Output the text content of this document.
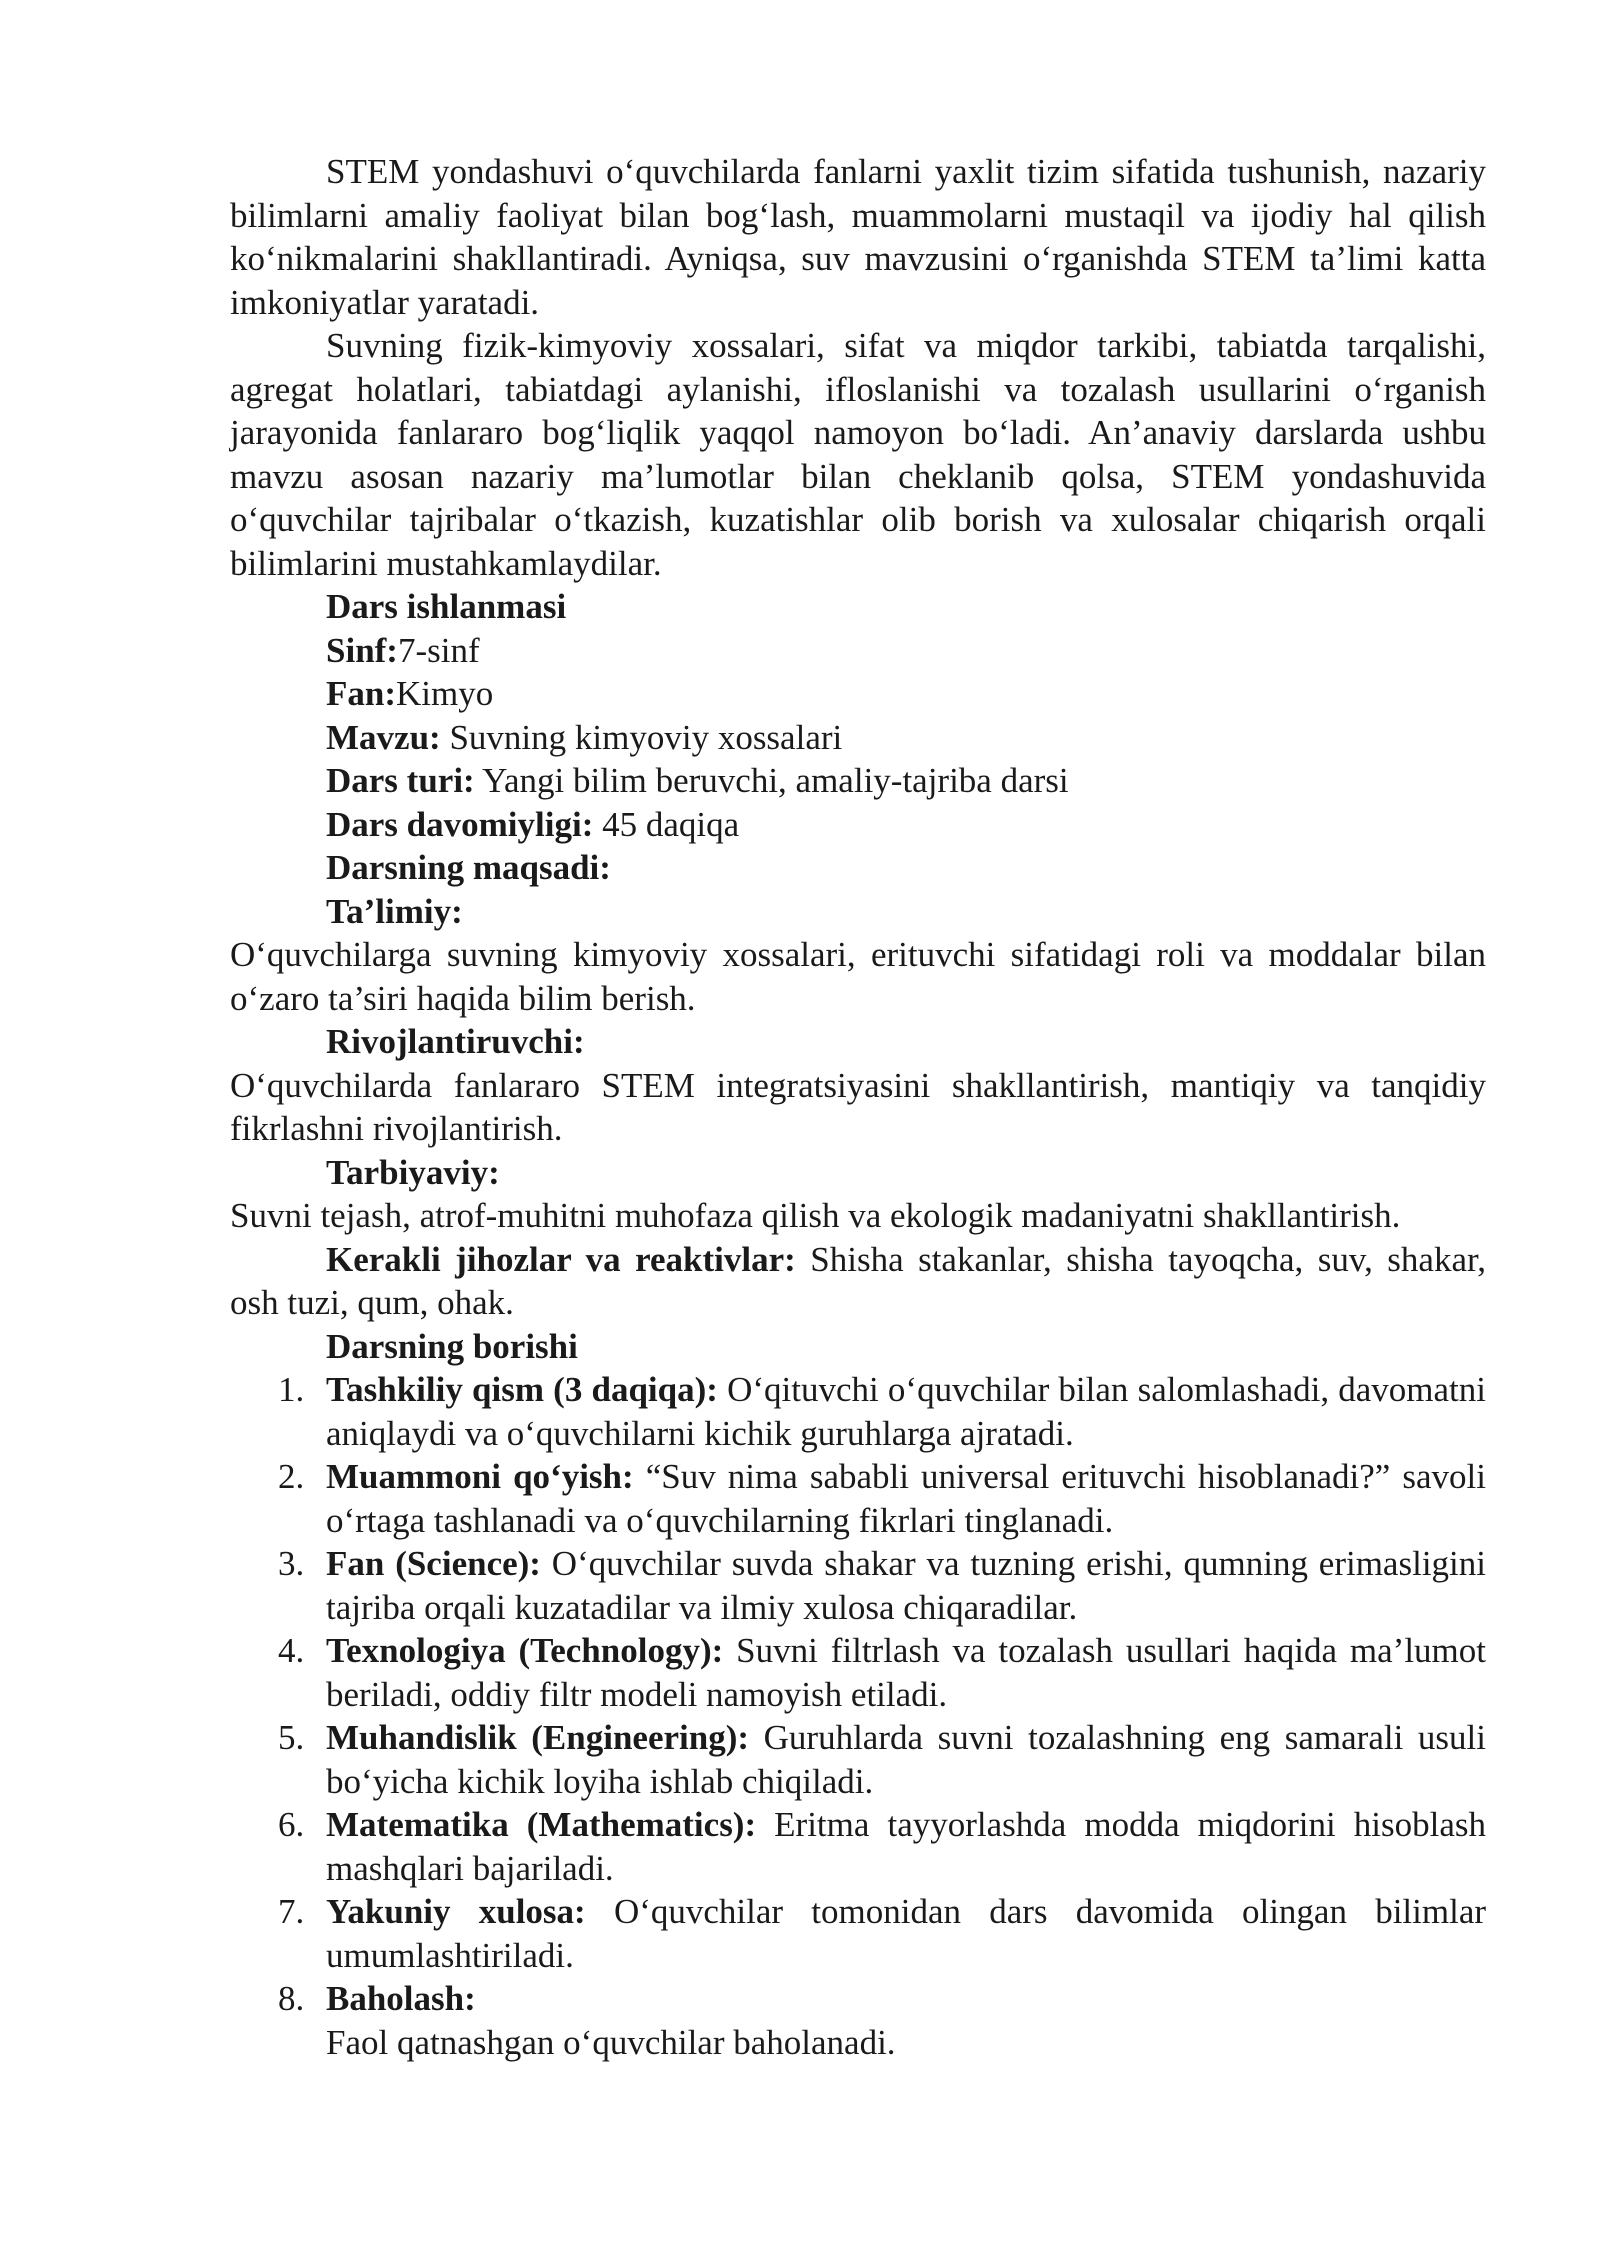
STEM yondashuvi o‘quvchilarda fanlarni yaxlit tizim sifatida tushunish, nazariy bilimlarni amaliy faoliyat bilan bog‘lash, muammolarni mustaqil va ijodiy hal qilish ko‘nikmalarini shakllantiradi. Ayniqsa, suv mavzusini o‘rganishda STEM ta’limi katta imkoniyatlar yaratadi.

Suvning fizik-kimyoviy xossalari, sifat va miqdor tarkibi, tabiatda tarqalishi, agregat holatlari, tabiatdagi aylanishi, ifloslanishi va tozalash usullarini o‘rganish jarayonida fanlararo bog‘liqlik yaqqol namoyon bo‘ladi. An’anaviy darslarda ushbu mavzu asosan nazariy ma’lumotlar bilan cheklanib qolsa, STEM yondashuvida o‘quvchilar tajribalar o‘tkazish, kuzatishlar olib borish va xulosalar chiqarish orqali bilimlarini mustahkamlaydilar.

Dars ishlanmasi

Sinf:7-sinf

Fan:Kimyo

Mavzu: Suvning kimyoviy xossalari

Dars turi: Yangi bilim beruvchi, amaliy-tajriba darsi

Dars davomiyligi: 45 daqiqa

Darsning maqsadi:

Ta’limiy:

O‘quvchilarga suvning kimyoviy xossalari, erituvchi sifatidagi roli va moddalar bilan o‘zaro ta’siri haqida bilim berish.

Rivojlantiruvchi:

O‘quvchilarda fanlararo STEM integratsiyasini shakllantirish, mantiqiy va tanqidiy fikrlashni rivojlantirish.

Tarbiyaviy:

Suvni tejash, atrof-muhitni muhofaza qilish va ekologik madaniyatni shakllantirish.

Kerakli jihozlar va reaktivlar: Shisha stakanlar, shisha tayoqcha, suv, shakar, osh tuzi, qum, ohak.

Darsning borishi

1. Tashkiliy qism (3 daqiqa): O‘qituvchi o‘quvchilar bilan salomlashadi, davomatni aniqlaydi va o‘quvchilarni kichik guruhlarga ajratadi.
2. Muammoni qo‘yish: “Suv nima sababli universal erituvchi hisoblanadi?” savoli o‘rtaga tashlanadi va o‘quvchilarning fikrlari tinglanadi.
3. Fan (Science): O‘quvchilar suvda shakar va tuzning erishi, qumning erimasligini tajriba orqali kuzatadilar va ilmiy xulosa chiqaradilar.
4. Texnologiya (Technology): Suvni filtrlash va tozalash usullari haqida ma’lumot beriladi, oddiy filtr modeli namoyish etiladi.
5. Muhandislik (Engineering): Guruhlarda suvni tozalashning eng samarali usuli bo‘yicha kichik loyiha ishlab chiqiladi.
6. Matematika (Mathematics): Eritma tayyorlashda modda miqdorini hisoblash mashqlari bajariladi.
7. Yakuniy xulosa: O‘quvchilar tomonidan dars davomida olingan bilimlar umumlashtiriladi.
8. Baholash:
Faol qatnashgan o‘quvchilar baholanadi.
